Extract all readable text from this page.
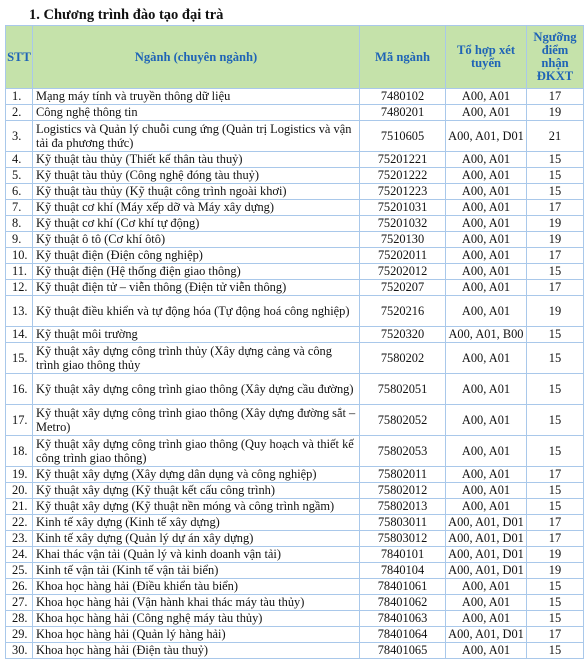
1. Chương trình đào tạo đại trà
STT	Ngành (chuyên ngành)	Mã ngành	Tổ hợp xét tuyển	Ngưỡng điểm nhận ĐKXT
1.	Mạng máy tính và truyền thông dữ liệu	7480102	A00, A01	17
2.	Công nghệ thông tin	7480201	A00, A01	19
3.	Logistics và Quản lý chuỗi cung ứng (Quản trị Logistics và vận tải đa phương thức)	7510605	A00, A01, D01	21
4.	Kỹ thuật tàu thủy (Thiết kế thân tàu thuỷ)	75201221	A00, A01	15
5.	Kỹ thuật tàu thủy (Công nghệ đóng tàu thuỷ)	75201222	A00, A01	15
6.	Kỹ thuật tàu thủy (Kỹ thuật công trình ngoài khơi)	75201223	A00, A01	15
7.	Kỹ thuật cơ khí (Máy xếp dỡ và Máy xây dựng)	75201031	A00, A01	17
8.	Kỹ thuật cơ khí (Cơ khí tự động)	75201032	A00, A01	19
9.	Kỹ thuật ô tô (Cơ khí ôtô)	7520130	A00, A01	19
10.	Kỹ thuật điện (Điện công nghiệp)	75202011	A00, A01	17
11.	Kỹ thuật điện (Hệ thống điện giao thông)	75202012	A00, A01	15
12.	Kỹ thuật điện tử – viễn thông (Điện tử viễn thông)	7520207	A00, A01	17
13.	Kỹ thuật điều khiển và tự động hóa (Tự động hoá công nghiệp)	7520216	A00, A01	19
14.	Kỹ thuật môi trường	7520320	A00, A01, B00	15
15.	Kỹ thuật xây dựng công trình thủy (Xây dựng cảng và công trình giao thông thủy	7580202	A00, A01	15
16.	Kỹ thuật xây dựng công trình giao thông (Xây dựng cầu đường)	75802051	A00, A01	15
17.	Kỹ thuật xây dựng công trình giao thông (Xây dựng đường sắt – Metro)	75802052	A00, A01	15
18.	Kỹ thuật xây dựng công trình giao thông (Quy hoạch và thiết kế công trình giao thông)	75802053	A00, A01	15
19.	Kỹ thuật xây dựng (Xây dựng dân dụng và công nghiệp)	75802011	A00, A01	17
20.	Kỹ thuật xây dựng (Kỹ thuật kết cấu công trình)	75802012	A00, A01	15
21.	Kỹ thuật xây dựng (Kỹ thuật nền móng và công trình ngầm)	75802013	A00, A01	15
22.	Kinh tế xây dựng (Kinh tế xây dựng)	75803011	A00, A01, D01	17
23.	Kinh tế xây dựng (Quản lý dự án xây dựng)	75803012	A00, A01, D01	17
24.	Khai thác vận tải (Quản lý và kinh doanh vận tải)	7840101	A00, A01, D01	19
25.	Kinh tế vận tải (Kinh tế vận tải biển)	7840104	A00, A01, D01	19
26.	Khoa học hàng hải (Điều khiển tàu biển)	78401061	A00, A01	15
27.	Khoa học hàng hải (Vận hành khai thác máy tàu thủy)	78401062	A00, A01	15
28.	Khoa học hàng hải (Công nghệ máy tàu thủy)	78401063	A00, A01	15
29.	Khoa học hàng hải (Quản lý hàng hải)	78401064	A00, A01, D01	17
30.	Khoa học hàng hải (Điện tàu thuỷ)	78401065	A00, A01	15
